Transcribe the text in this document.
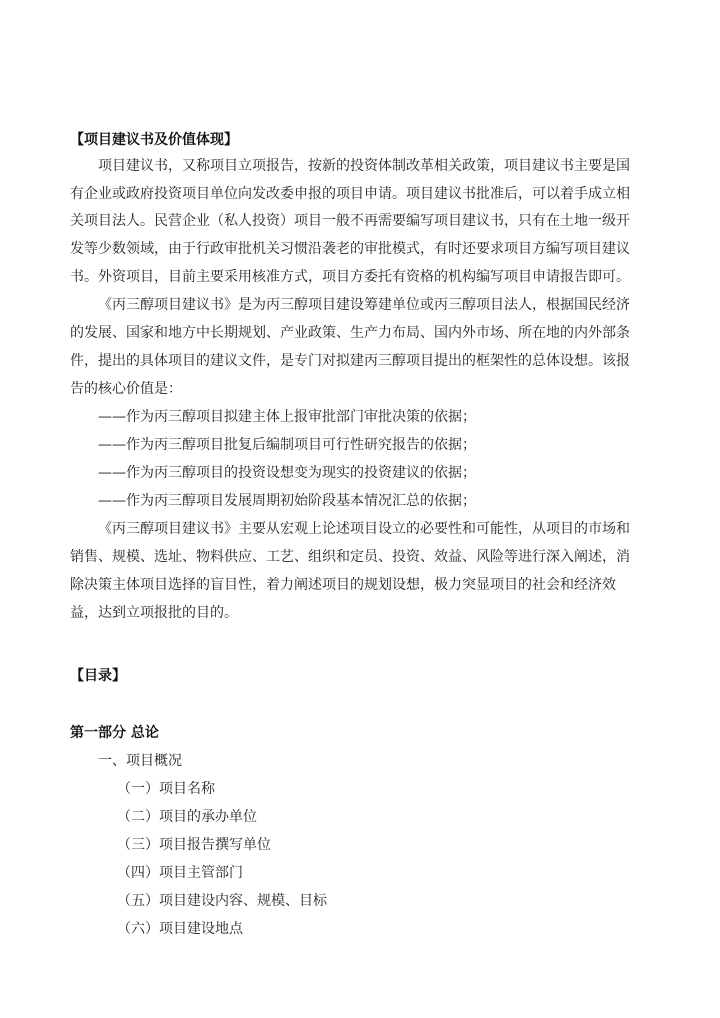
【项目建议书及价值体现】
项目建议书，又称项目立项报告，按新的投资体制改革相关政策，项目建议书主要是国
有企业或政府投资项目单位向发改委申报的项目申请。项目建议书批准后，可以着手成立相
关项目法人。民营企业（私人投资）项目一般不再需要编写项目建议书，只有在土地一级开
发等少数领域，由于行政审批机关习惯沿袭老的审批模式，有时还要求项目方编写项目建议
书。外资项目，目前主要采用核准方式，项目方委托有资格的机构编写项目申请报告即可。
《丙三醇项目建议书》是为丙三醇项目建设筹建单位或丙三醇项目法人，根据国民经济
的发展、国家和地方中长期规划、产业政策、生产力布局、国内外市场、所在地的内外部条
件，提出的具体项目的建议文件，是专门对拟建丙三醇项目提出的框架性的总体设想。该报
告的核心价值是：
——作为丙三醇项目拟建主体上报审批部门审批决策的依据；
——作为丙三醇项目批复后编制项目可行性研究报告的依据；
——作为丙三醇项目的投资设想变为现实的投资建议的依据；
——作为丙三醇项目发展周期初始阶段基本情况汇总的依据；
《丙三醇项目建议书》主要从宏观上论述项目设立的必要性和可能性，从项目的市场和
销售、规模、选址、物料供应、工艺、组织和定员、投资、效益、风险等进行深入阐述，消
除决策主体项目选择的盲目性，着力阐述项目的规划设想，极力突显项目的社会和经济效
益，达到立项报批的目的。
【目录】
第一部分 总论
一、项目概况
（一）项目名称
（二）项目的承办单位
（三）项目报告撰写单位
（四）项目主管部门
（五）项目建设内容、规模、目标
（六）项目建设地点
